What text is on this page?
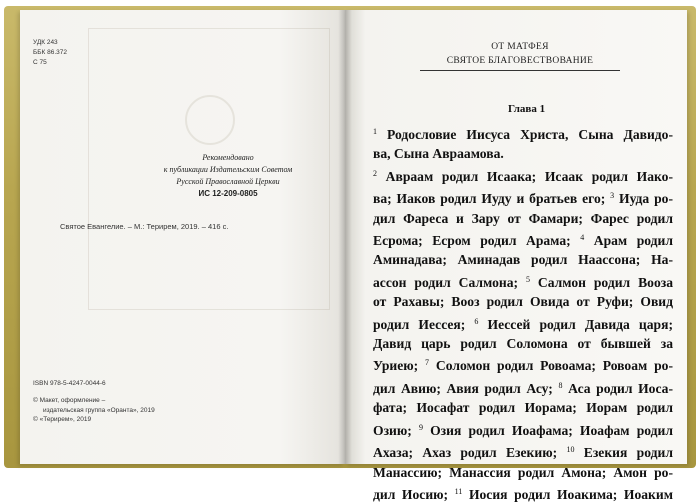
УДК 243
ББК 86.372
С 75
Рекомендовано
к публикации Издательским Советом
Русской Православной Церкви
ИС 12-209-0805
Святое Евангелие. – М.: Терирем, 2019. – 416 с.
ISBN 978-5-4247-0044-6
© Макет, оформление –
издательская группа «Оранта», 2019
© «Терирем», 2019
ОТ МАТФЕЯ
СВЯТОЕ БЛАГОВЕСТВОВАНИЕ
Глава 1
$^1$ Родословие Иисуса Христа, Сына Давидо-
ва, Сына Авраамова.
$^2$ Авраам родил Исаака; Исаак родил Иако-
ва; Иаков родил Иуду и братьев его; $^3$ Иуда ро-
дил Фареса и Зару от Фамари; Фарес родил
Есрома; Есром родил Арама; $^4$ Арам родил
Аминадава; Аминадав родил Наассона; На-
ассон родил Салмона; $^5$ Салмон родил Вооза
от Рахавы; Вооз родил Овида от Руфи; Овид
родил Иессея; $^6$ Иессей родил Давида царя;
Давид царь родил Соломона от бывшей за
Уриею; $^7$ Соломон родил Ровоама; Ровоам ро-
дил Авию; Авия родил Асу; $^8$ Аса родил Иоса-
фата; Иосафат родил Иорама; Иорам родил
Озию; $^9$ Озия родил Иоафама; Иоафам родил
Ахаза; Ахаз родил Езекию; $^{10}$ Езекия родил
Манассию; Манассия родил Амона; Амон ро-
дил Иосию; $^{11}$ Иосия родил Иоакима; Иоаким
